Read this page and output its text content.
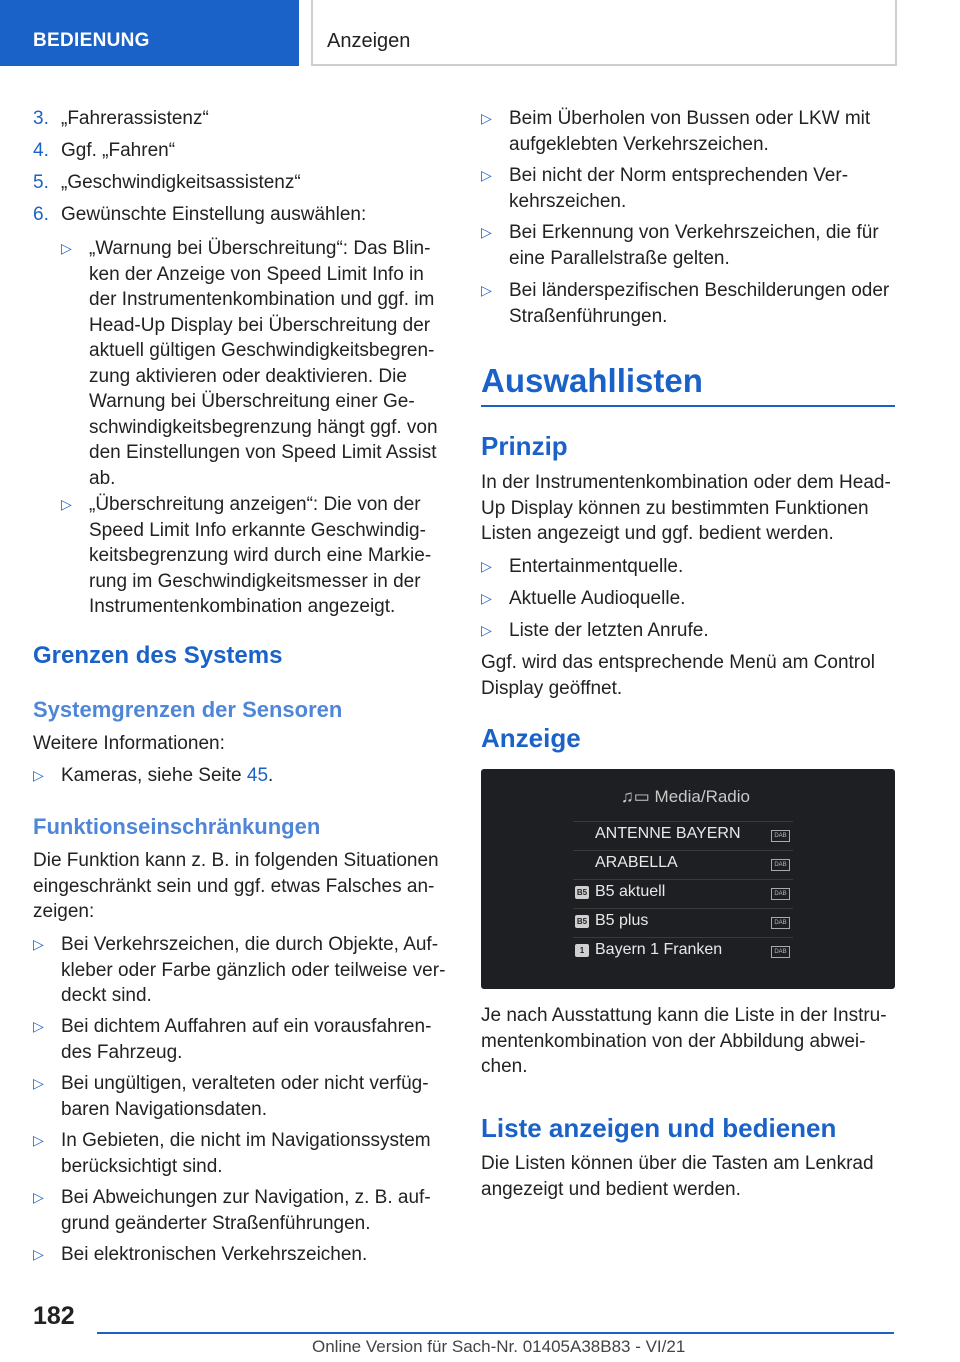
BEDIENUNG	Anzeigen
3. „Fahrerassistenz“
4. Ggf. „Fahren“
5. „Geschwindigkeitsassistenz“
6. Gewünschte Einstellung auswählen:
▷ „Warnung bei Überschreitung“: Das Blinken der Anzeige von Speed Limit Info in der Instrumentenkombination und ggf. im Head-Up Display bei Überschreitung der aktuell gültigen Geschwindigkeitsbegrenzung aktivieren oder deaktivieren. Die Warnung bei Überschreitung einer Geschwindigkeitsbegrenzung hängt ggf. von den Einstellungen von Speed Limit Assist ab.
▷ „Überschreitung anzeigen“: Die von der Speed Limit Info erkannte Geschwindigkeitsbegrenzung wird durch eine Markierung im Geschwindigkeitsmesser in der Instrumentenkombination angezeigt.
Grenzen des Systems
Systemgrenzen der Sensoren
Weitere Informationen:
▷ Kameras, siehe Seite 45.
Funktionseinschränkungen
Die Funktion kann z. B. in folgenden Situationen eingeschränkt sein und ggf. etwas Falsches anzeigen:
▷ Bei Verkehrszeichen, die durch Objekte, Aufkleber oder Farbe gänzlich oder teilweise verdeckt sind.
▷ Bei dichtem Auffahren auf ein vorausfahrendes Fahrzeug.
▷ Bei ungültigen, veralteten oder nicht verfügbaren Navigationsdaten.
▷ In Gebieten, die nicht im Navigationssystem berücksichtigt sind.
▷ Bei Abweichungen zur Navigation, z. B. aufgrund geänderter Straßenführungen.
▷ Bei elektronischen Verkehrszeichen.
▷ Beim Überholen von Bussen oder LKW mit aufgeklebten Verkehrszeichen.
▷ Bei nicht der Norm entsprechenden Verkehrszeichen.
▷ Bei Erkennung von Verkehrszeichen, die für eine Parallelstraße gelten.
▷ Bei länderspezifischen Beschilderungen oder Straßenführungen.
Auswahllisten
Prinzip
In der Instrumentenkombination oder dem Head-Up Display können zu bestimmten Funktionen Listen angezeigt und ggf. bedient werden.
▷ Entertainmentquelle.
▷ Aktuelle Audioquelle.
▷ Liste der letzten Anrufe.
Ggf. wird das entsprechende Menü am Control Display geöffnet.
Anzeige
♫▭ Media/Radio
ANTENNE BAYERN	DAB
ARABELLA	DAB
B5 B5 aktuell	DAB
B5 B5 plus	DAB
1 Bayern 1 Franken	DAB
Je nach Ausstattung kann die Liste in der Instrumentenkombination von der Abbildung abweichen.
Liste anzeigen und bedienen
Die Listen können über die Tasten am Lenkrad angezeigt und bedient werden.
182
Online Version für Sach-Nr. 01405A38B83 - VI/21
